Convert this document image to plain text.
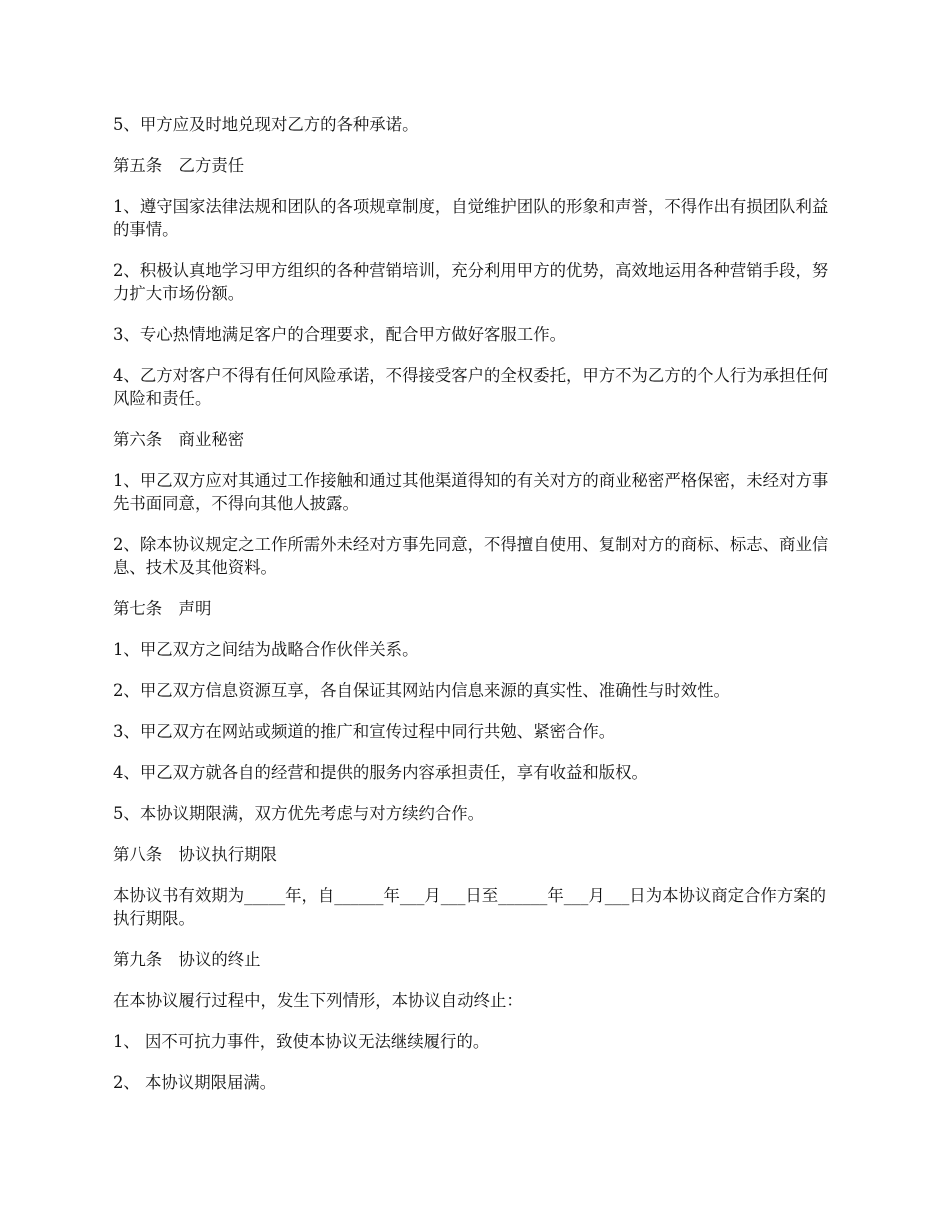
5、甲方应及时地兑现对乙方的各种承诺。

第五条　乙方责任

1、遵守国家法律法规和团队的各项规章制度，自觉维护团队的形象和声誉，不得作出有损团队利益的事情。

2、积极认真地学习甲方组织的各种营销培训，充分利用甲方的优势，高效地运用各种营销手段，努力扩大市场份额。

3、专心热情地满足客户的合理要求，配合甲方做好客服工作。

4、乙方对客户不得有任何风险承诺，不得接受客户的全权委托，甲方不为乙方的个人行为承担任何风险和责任。

第六条　商业秘密

1、甲乙双方应对其通过工作接触和通过其他渠道得知的有关对方的商业秘密严格保密，未经对方事先书面同意，不得向其他人披露。

2、除本协议规定之工作所需外未经对方事先同意，不得擅自使用、复制对方的商标、标志、商业信息、技术及其他资料。

第七条　声明

1、甲乙双方之间结为战略合作伙伴关系。

2、甲乙双方信息资源互享，各自保证其网站内信息来源的真实性、准确性与时效性。

3、甲乙双方在网站或频道的推广和宣传过程中同行共勉、紧密合作。

4、甲乙双方就各自的经营和提供的服务内容承担责任，享有收益和版权。

5、本协议期限满，双方优先考虑与对方续约合作。

第八条　协议执行期限

本协议书有效期为_____年，自______年___月___日至______年___月___日为本协议商定合作方案的执行期限。

第九条　协议的终止

在本协议履行过程中，发生下列情形，本协议自动终止：

1、 因不可抗力事件，致使本协议无法继续履行的。

2、 本协议期限届满。
